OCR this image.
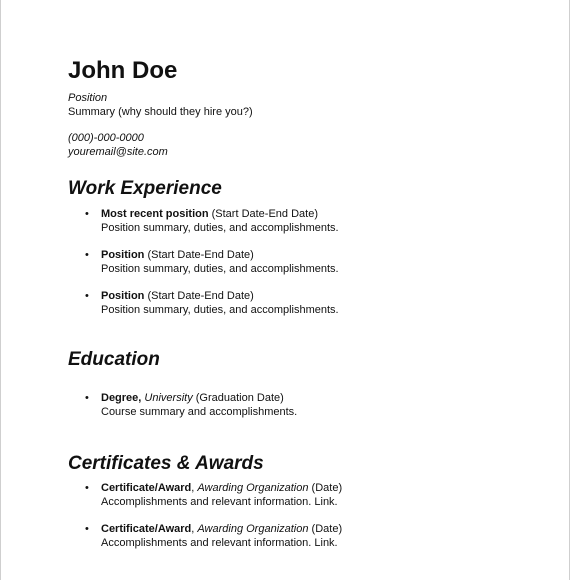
John Doe
Position
Summary (why should they hire you?)
(000)-000-0000
youremail@site.com
Work Experience
•	Most recent position (Start Date-End Date)
Position summary, duties, and accomplishments.
•	Position (Start Date-End Date)
Position summary, duties, and accomplishments.
•	Position (Start Date-End Date)
Position summary, duties, and accomplishments.
Education
•	Degree, University (Graduation Date)
Course summary and accomplishments.
Certificates & Awards
•	Certificate/Award, Awarding Organization (Date)
Accomplishments and relevant information. Link.
•	Certificate/Award, Awarding Organization (Date)
Accomplishments and relevant information. Link.
